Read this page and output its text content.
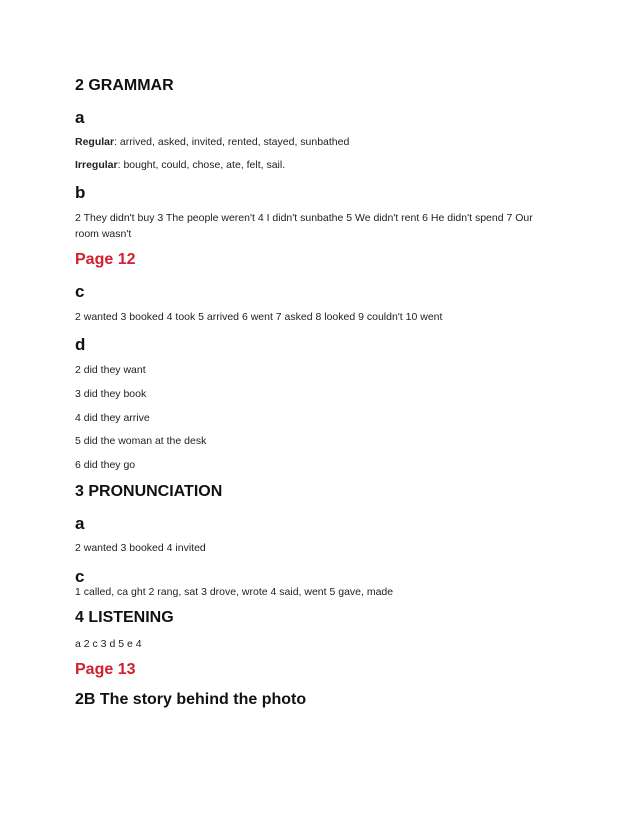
2 GRAMMAR
a
Regular: arrived, asked, invited, rented, stayed, sunbathed
Irregular: bought, could, chose, ate, felt, sail.
b
2 They didn't buy 3 The people weren't 4 I didn't sunbathe 5 We didn't rent 6 He didn't spend 7 Our room wasn't
Page 12
c
2 wanted 3 booked 4 took 5 arrived 6 went 7 asked 8 looked 9 couldn't 10 went
d
2 did they want
3 did they book
4 did they arrive
5 did the woman at the desk
6 did they go
3 PRONUNCIATION
a
2 wanted 3 booked 4 invited
c
1 called, ca ght 2 rang, sat 3 drove, wrote 4 said, went 5 gave, made
4 LISTENING
a 2 c 3 d 5 e 4
Page 13
2B The story behind the photo
